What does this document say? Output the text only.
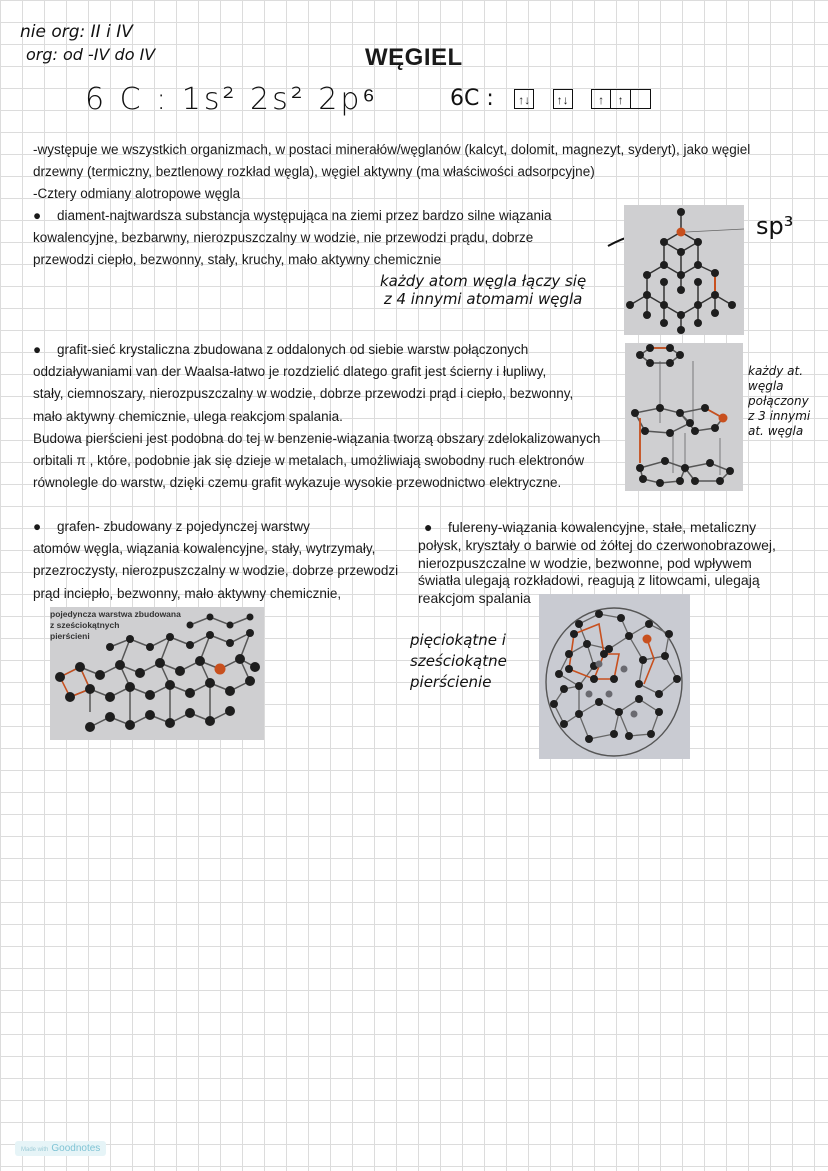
nie org: II i IV
org: od -IV do IV	WĘGIEL
6 C : 1s² 2s² 2p⁶	6C : ↑↓ ↑↓ ↑ ↑
-występuje we wszystkich organizmach, w postaci minerałów/węglanów (kalcyt, dolomit, magnezyt, syderyt), jako węgiel
drzewny (termiczny, beztlenowy rozkład węgla), węgiel aktywny (ma właściwości adsorpcyjne)
-Cztery odmiany alotropowe węgla
● diament-najtwardsza substancja występująca na ziemi przez bardzo silne wiązania
kowalencyjne, bezbarwny, nierozpuszczalny w wodzie, nie przewodzi prądu, dobrze
przewodzi ciepło, bezwonny, stały, kruchy, mało aktywny chemicznie
każdy atom węgla łączy się
z 4 innymi atomami węgla
sp³
● grafit-sieć krystaliczna zbudowana z oddalonych od siebie warstw połączonych
oddziaływaniami van der Waalsa-łatwo je rozdzielić dlatego grafit jest ścierny i łupliwy,
stały, ciemnoszary, nierozpuszczalny w wodzie, dobrze przewodzi prąd i ciepło, bezwonny,
mało aktywny chemicznie, ulega reakcjom spalania.
Budowa pierścieni jest podobna do tej w benzenie-wiązania tworzą obszary zdelokalizowanych
orbitali π , które, podobnie jak się dzieje w metalach, umożliwiają swobodny ruch elektronów
równolegle do warstw, dzięki czemu grafit wykazuje wysokie przewodnictwo elektryczne.
każdy at.
węgla
połączony
z 3 innymi
at. węgla
● grafen- zbudowany z pojedynczej warstwy
atomów węgla, wiązania kowalencyjne, stały, wytrzymały,
przezroczysty, nierozpuszczalny w wodzie, dobrze przewodzi
prąd inciepło, bezwonny, mało aktywny chemicznie,
pojedyncza warstwa zbudowana
z sześciokątnych
pierścieni
● fulereny-wiązania kowalencyjne, stałe, metaliczny
połysk, kryształy o barwie od żółtej do czerwonobrazowej,
nierozpuszczalne w wodzie, bezwonne, pod wpływem
światła ulegają rozkładowi, reagują z litowcami, ulegają
reakcjom spalania
pięciokątne i
sześciokątne
pierścienie
Made with Goodnotes
